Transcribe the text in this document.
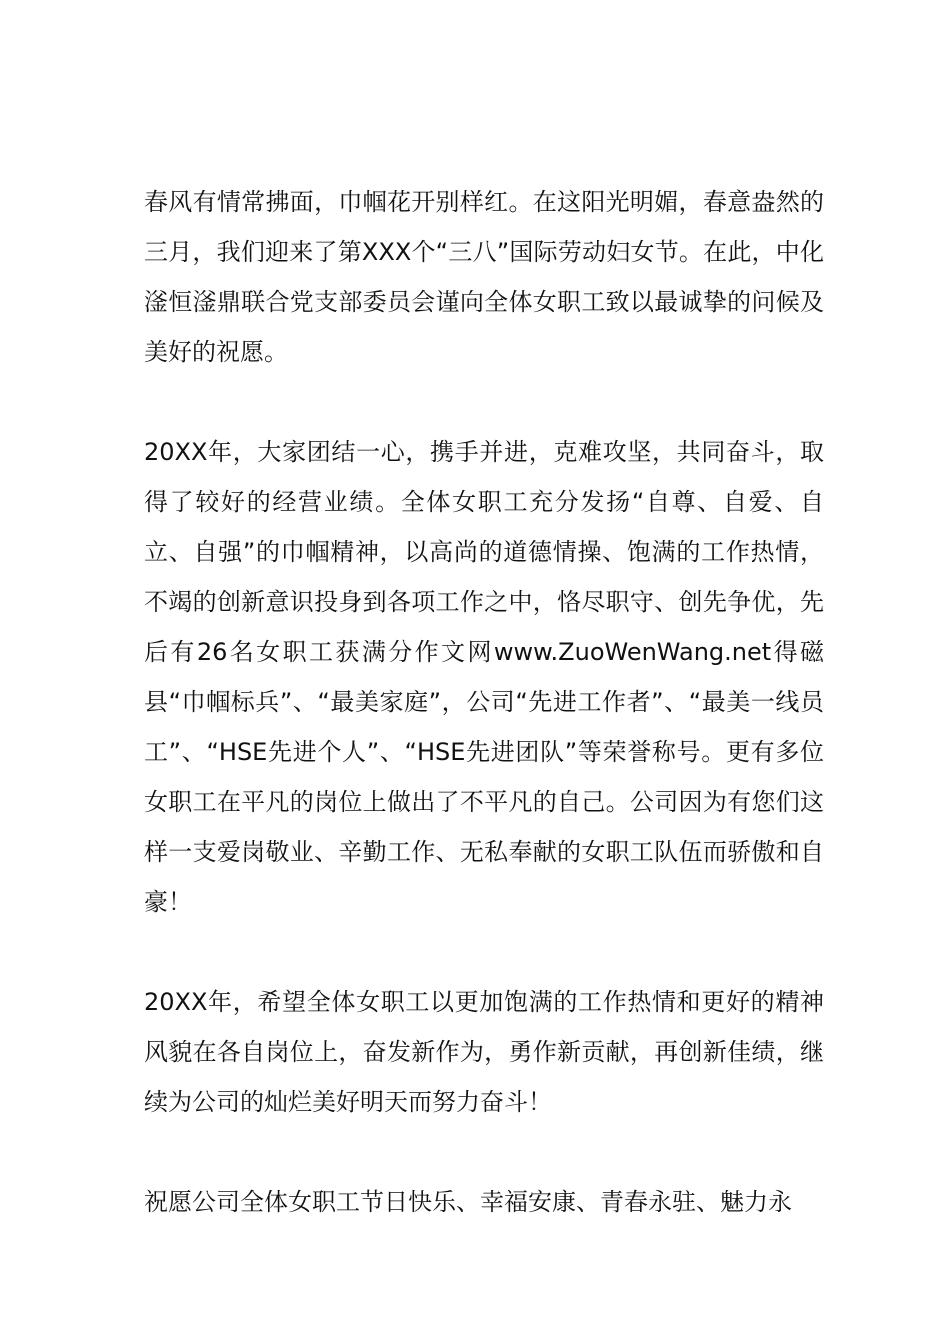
春风有情常拂面，巾帼花开别样红。在这阳光明媚，春意盎然的三月，我们迎来了第XXX个“三八”国际劳动妇女节。在此，中化滏恒滏鼎联合党支部委员会谨向全体女职工致以最诚挚的问候及美好的祝愿。

20XX年，大家团结一心，携手并进，克难攻坚，共同奋斗，取得了较好的经营业绩。全体女职工充分发扬“自尊、自爱、自立、自强”的巾帼精神，以高尚的道德情操、饱满的工作热情，不竭的创新意识投身到各项工作之中，恪尽职守、创先争优，先后有26名女职工获满分作文网www.ZuoWenWang.net得磁县“巾帼标兵”、“最美家庭”，公司“先进工作者”、“最美一线员工”、“HSE先进个人”、“HSE先进团队”等荣誉称号。更有多位女职工在平凡的岗位上做出了不平凡的自己。公司因为有您们这样一支爱岗敬业、辛勤工作、无私奉献的女职工队伍而骄傲和自豪！

20XX年，希望全体女职工以更加饱满的工作热情和更好的精神风貌在各自岗位上，奋发新作为，勇作新贡献，再创新佳绩，继续为公司的灿烂美好明天而努力奋斗！

祝愿公司全体女职工节日快乐、幸福安康、青春永驻、魅力永
